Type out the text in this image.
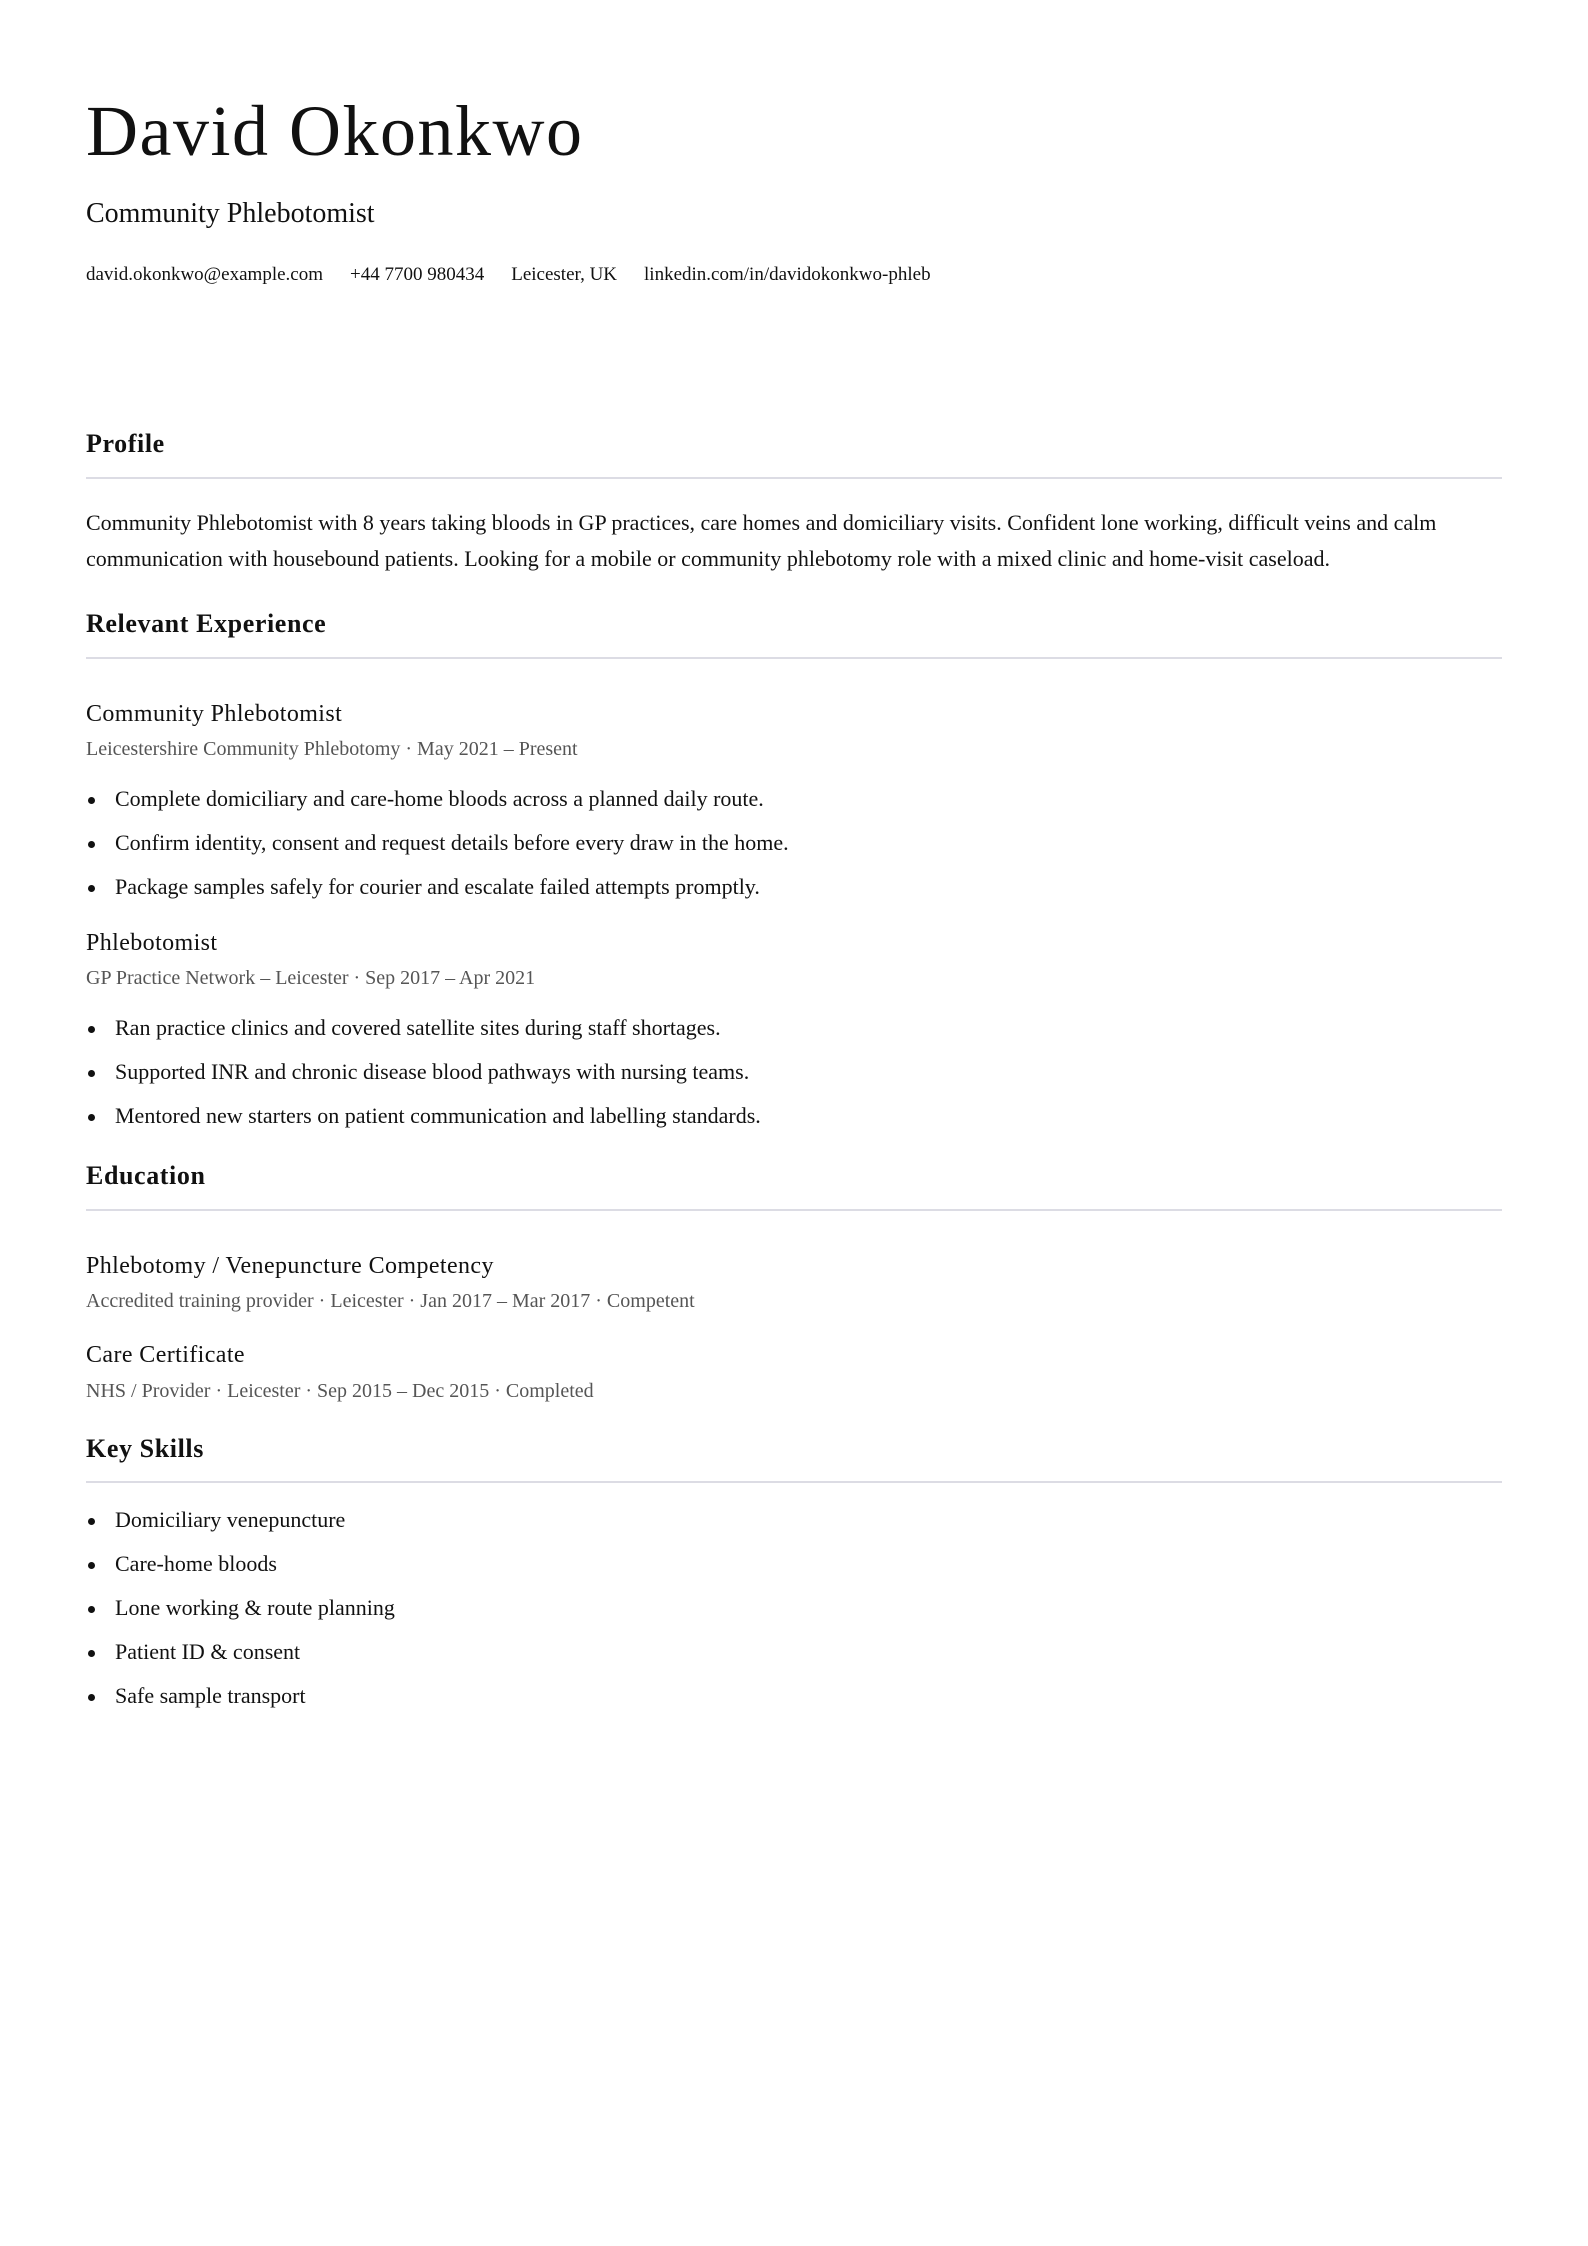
David Okonkwo
Community Phlebotomist
david.okonkwo@example.com +44 7700 980434 Leicester, UK linkedin.com/in/davidokonkwo-phleb
Profile

Community Phlebotomist with 8 years taking bloods in GP practices, care homes and domiciliary visits. Confident lone working, difficult veins and calm communication with housebound patients. Looking for a mobile or community phlebotomy role with a mixed clinic and home-visit caseload.

Relevant Experience
Community Phlebotomist
Leicestershire Community Phlebotomy · May 2021 – Present
Complete domiciliary and care-home bloods across a planned daily route.
Confirm identity, consent and request details before every draw in the home.
Package samples safely for courier and escalate failed attempts promptly.
Phlebotomist
GP Practice Network – Leicester · Sep 2017 – Apr 2021
Ran practice clinics and covered satellite sites during staff shortages.
Supported INR and chronic disease blood pathways with nursing teams.
Mentored new starters on patient communication and labelling standards.
Education
Phlebotomy / Venepuncture Competency
Accredited training provider · Leicester · Jan 2017 – Mar 2017 · Competent
Care Certificate
NHS / Provider · Leicester · Sep 2015 – Dec 2015 · Completed
Key Skills
Domiciliary venepuncture
Care-home bloods
Lone working & route planning
Patient ID & consent
Safe sample transport
